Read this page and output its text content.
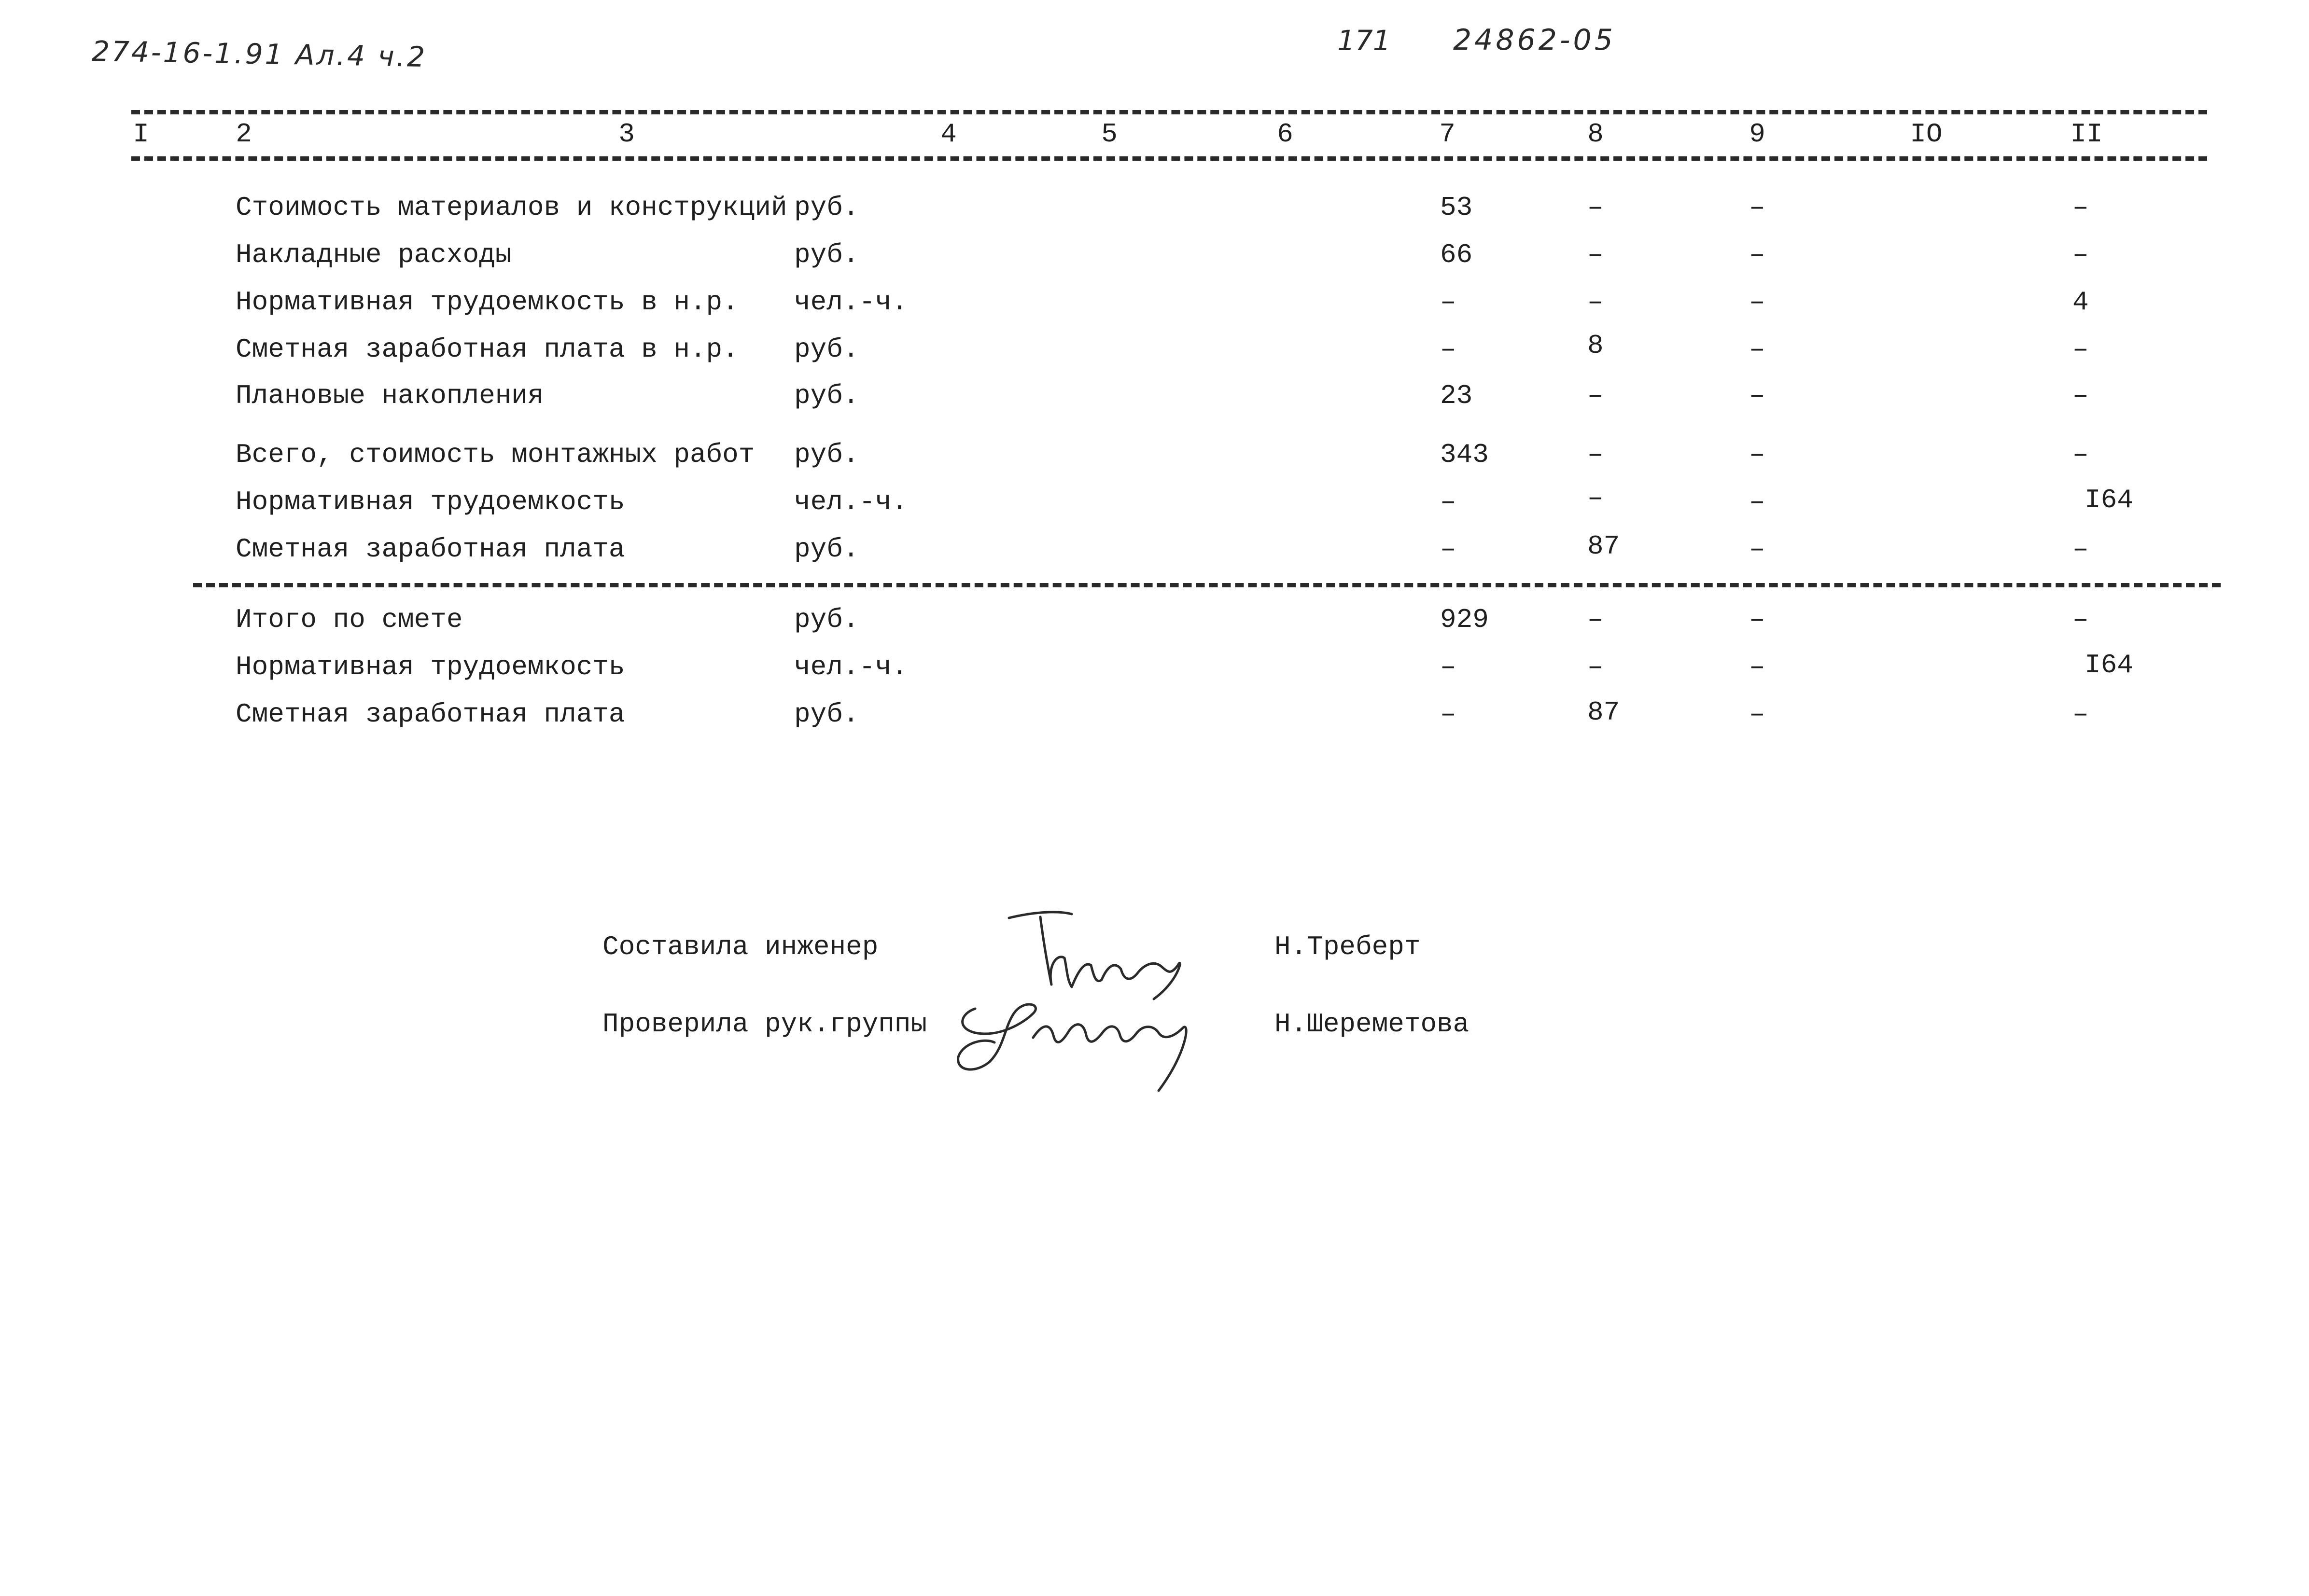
274-16-1.91 Ал.4 ч.2	171 24862-05
I	2	3	4	5	6	7	8	9	IO	II
Стоимость материалов и конструкций руб.	53	–	–	–
Накладные расходы	руб.	66	–	–	–
Нормативная трудоемкость в н.р. чел.-ч.	–	–	–	4
Сметная заработная плата в н.р. руб.	–	8	–	–
Плановые накопления	руб.	23	–	–	–
Всего, стоимость монтажных работ руб.	343	–	–	–
Нормативная трудоемкость	чел.-ч.	–	–	–	I64
Сметная заработная плата	руб.	–	87	–	–
Итого по смете	руб.	929	–	–	–
Нормативная трудоемкость	чел.-ч.	–	–	–	I64
Сметная заработная плата	руб.	–	87	–	–
Составила инженер	Н.Треберт
Проверила рук.группы	Н.Шереметова
